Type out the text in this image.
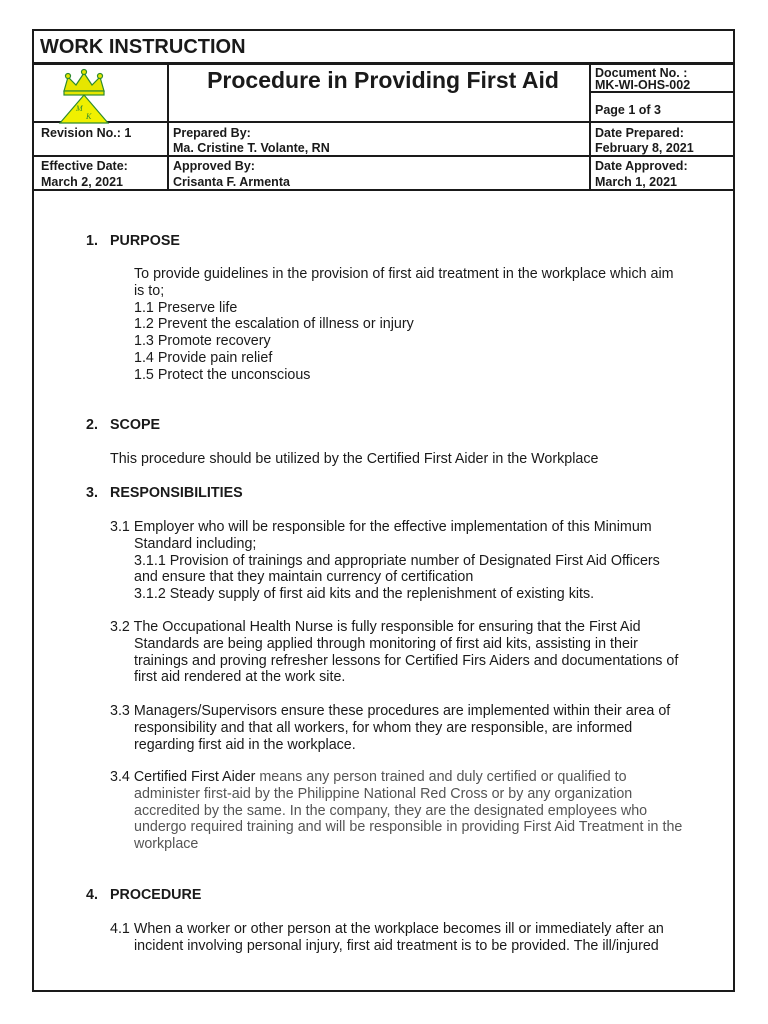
WORK INSTRUCTION
M
K
Procedure in Providing First Aid	Document No. :
MK-WI-OHS-002
Page 1 of 3
Revision No.: 1	Prepared By:
Ma. Cristine T. Volante, RN
Date Prepared:
February 8, 2021
Effective Date:
March 2, 2021
Approved By:
Crisanta F. Armenta
Date Approved:
March 1, 2021
1. PURPOSE
To provide guidelines in the provision of first aid treatment in the workplace which aim
is to;
1.1 Preserve life
1.2 Prevent the escalation of illness or injury
1.3 Promote recovery
1.4 Provide pain relief
1.5 Protect the unconscious
2. SCOPE
This procedure should be utilized by the Certified First Aider in the Workplace
3. RESPONSIBILITIES
3.1 Employer who will be responsible for the effective implementation of this Minimum
Standard including;
3.1.1 Provision of trainings and appropriate number of Designated First Aid Officers
and ensure that they maintain currency of certification
3.1.2 Steady supply of first aid kits and the replenishment of existing kits.
3.2 The Occupational Health Nurse is fully responsible for ensuring that the First Aid
Standards are being applied through monitoring of first aid kits, assisting in their
trainings and proving refresher lessons for Certified Firs Aiders and documentations of
first aid rendered at the work site.
3.3 Managers/Supervisors ensure these procedures are implemented within their area of
responsibility and that all workers, for whom they are responsible, are informed
regarding first aid in the workplace.
3.4 Certified First Aider means any person trained and duly certified or qualified to
administer first-aid by the Philippine National Red Cross or by any organization
accredited by the same. In the company, they are the designated employees who
undergo required training and will be responsible in providing First Aid Treatment in the
workplace
4. PROCEDURE
4.1 When a worker or other person at the workplace becomes ill or immediately after an
incident involving personal injury, first aid treatment is to be provided. The ill/injured
